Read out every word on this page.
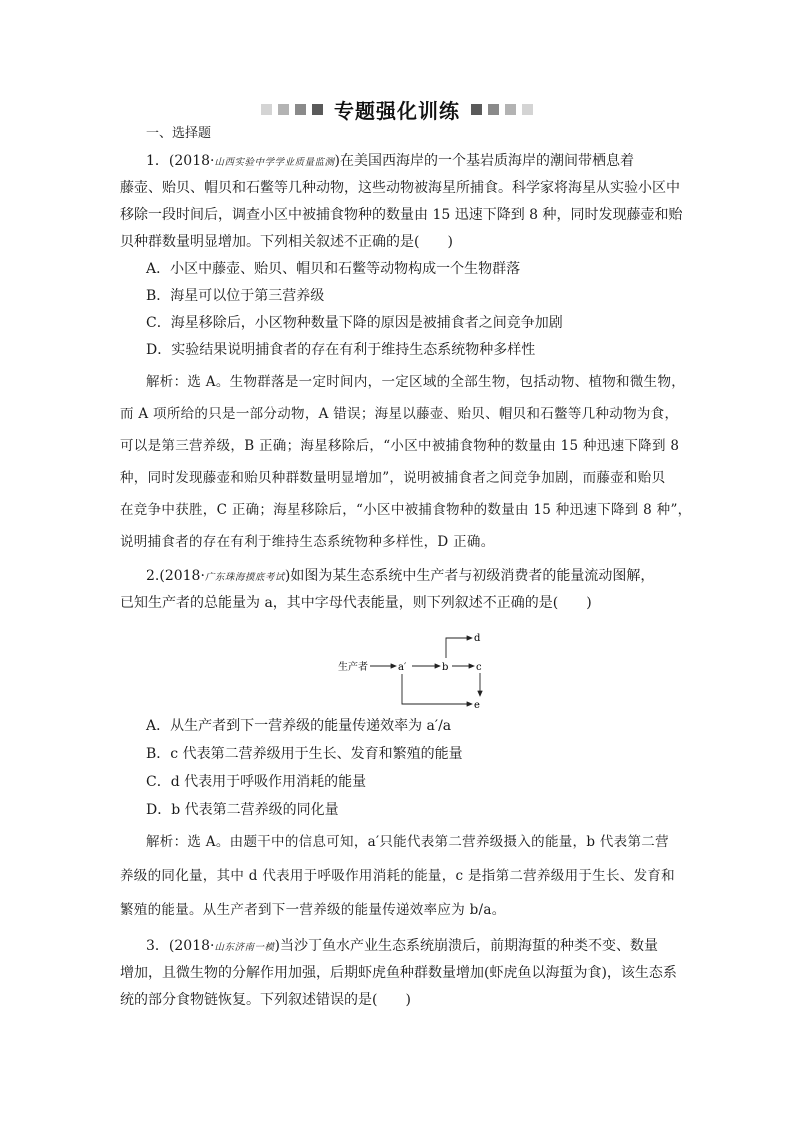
专题强化训练
一、选择题
1．(2018·山西实验中学学业质量监测)在美国西海岸的一个基岩质海岸的潮间带栖息着
藤壶、贻贝、帽贝和石鳖等几种动物，这些动物被海星所捕食。科学家将海星从实验小区中
移除一段时间后，调查小区中被捕食物种的数量由 15 迅速下降到 8 种，同时发现藤壶和贻
贝种群数量明显增加。下列相关叙述不正确的是(　　)
A．小区中藤壶、贻贝、帽贝和石鳖等动物构成一个生物群落
B．海星可以位于第三营养级
C．海星移除后，小区物种数量下降的原因是被捕食者之间竞争加剧
D．实验结果说明捕食者的存在有利于维持生态系统物种多样性
解析：选 A。生物群落是一定时间内，一定区域的全部生物，包括动物、植物和微生物，
而 A 项所给的只是一部分动物，A 错误；海星以藤壶、贻贝、帽贝和石鳖等几种动物为食，
可以是第三营养级，B 正确；海星移除后，“小区中被捕食物种的数量由 15 种迅速下降到 8
种，同时发现藤壶和贻贝种群数量明显增加”，说明被捕食者之间竞争加剧，而藤壶和贻贝
在竞争中获胜，C 正确；海星移除后，“小区中被捕食物种的数量由 15 种迅速下降到 8 种”，
说明捕食者的存在有利于维持生态系统物种多样性，D 正确。
2.(2018·广东珠海摸底考试)如图为某生态系统中生产者与初级消费者的能量流动图解，
已知生产者的总能量为 a，其中字母代表能量，则下列叙述不正确的是(　　)
生产者	a′	b	c
d
e
A．从生产者到下一营养级的能量传递效率为 a′/a
B．c 代表第二营养级用于生长、发育和繁殖的能量
C．d 代表用于呼吸作用消耗的能量
D．b 代表第二营养级的同化量
解析：选 A。由题干中的信息可知，a′只能代表第二营养级摄入的能量，b 代表第二营
养级的同化量，其中 d 代表用于呼吸作用消耗的能量，c 是指第二营养级用于生长、发育和
繁殖的能量。从生产者到下一营养级的能量传递效率应为 b/a。
3．(2018·山东济南一模)当沙丁鱼水产业生态系统崩溃后，前期海蜇的种类不变、数量
增加，且微生物的分解作用加强，后期虾虎鱼种群数量增加(虾虎鱼以海蜇为食)，该生态系
统的部分食物链恢复。下列叙述错误的是(　　)
